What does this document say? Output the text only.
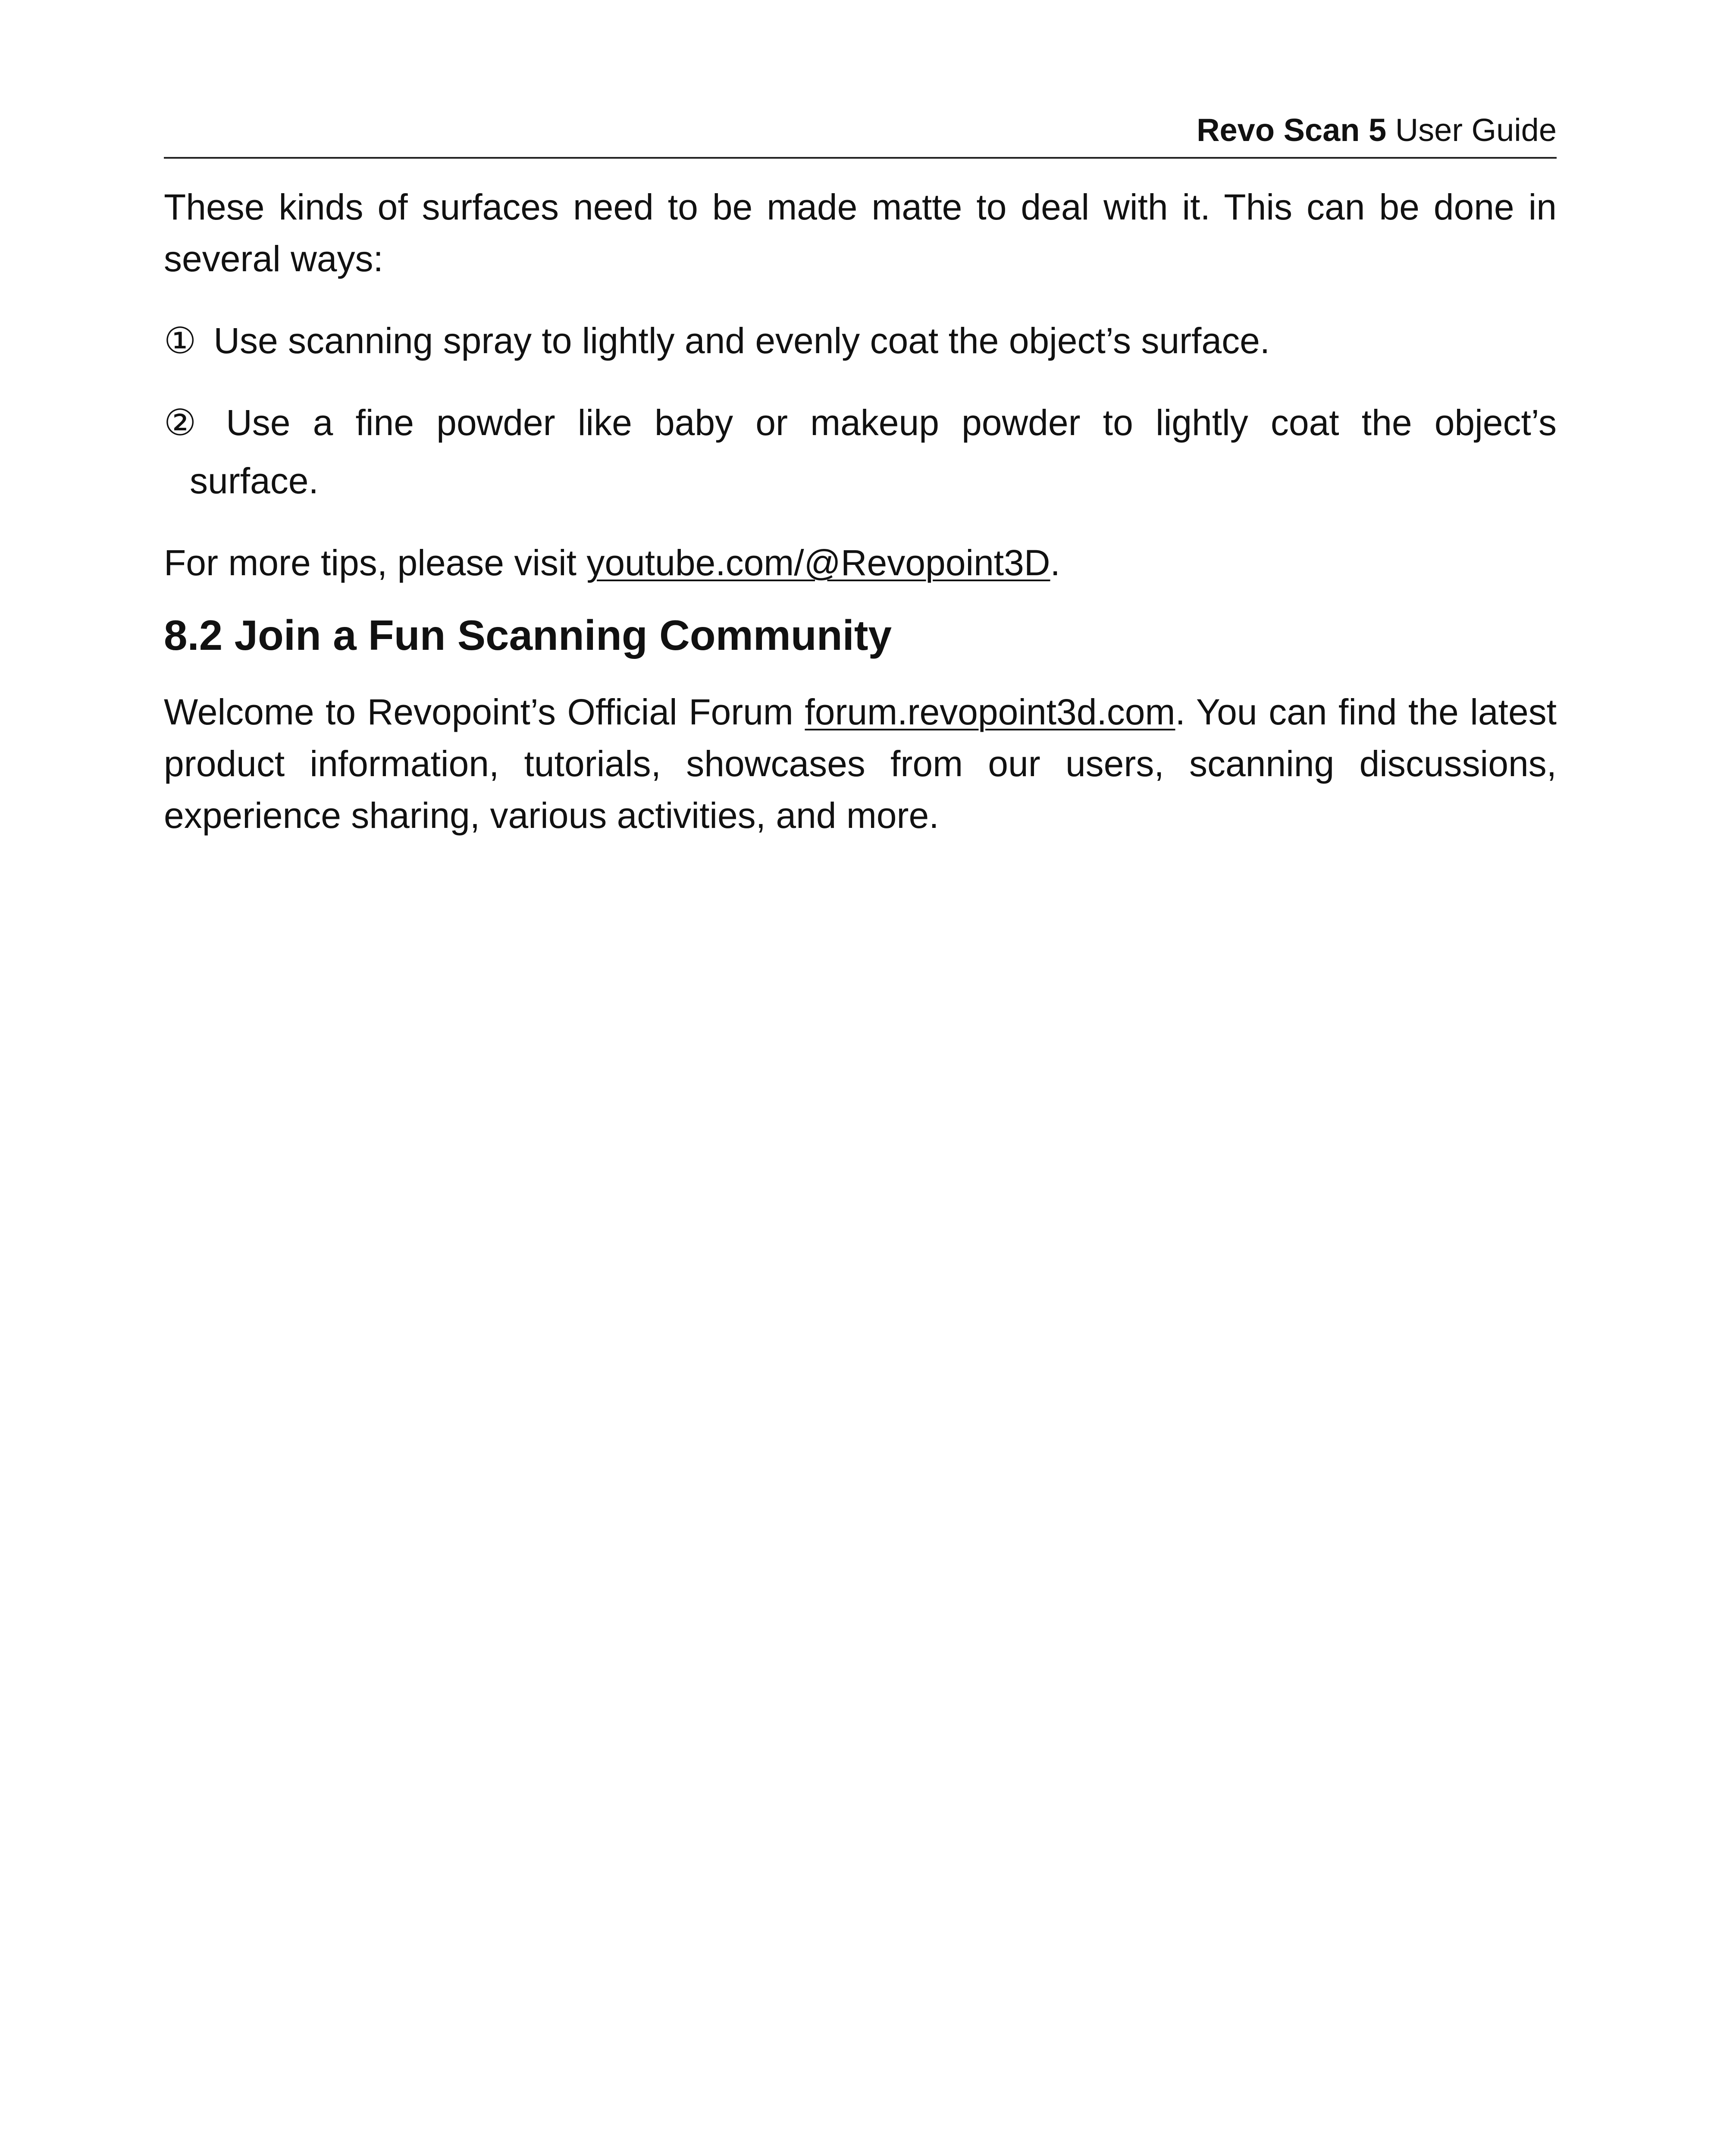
Revo Scan 5 User Guide

These kinds of surfaces need to be made matte to deal with it. This can be done in several ways:

① Use scanning spray to lightly and evenly coat the object’s surface.

② Use a fine powder like baby or makeup powder to lightly coat the object’s
surface.

For more tips, please visit youtube.com/@Revopoint3D.

8.2 Join a Fun Scanning Community

Welcome to Revopoint’s Official Forum forum.revopoint3d.com. You can find the latest product information, tutorials, showcases from our users, scanning discussions, experience sharing, various activities, and more.
